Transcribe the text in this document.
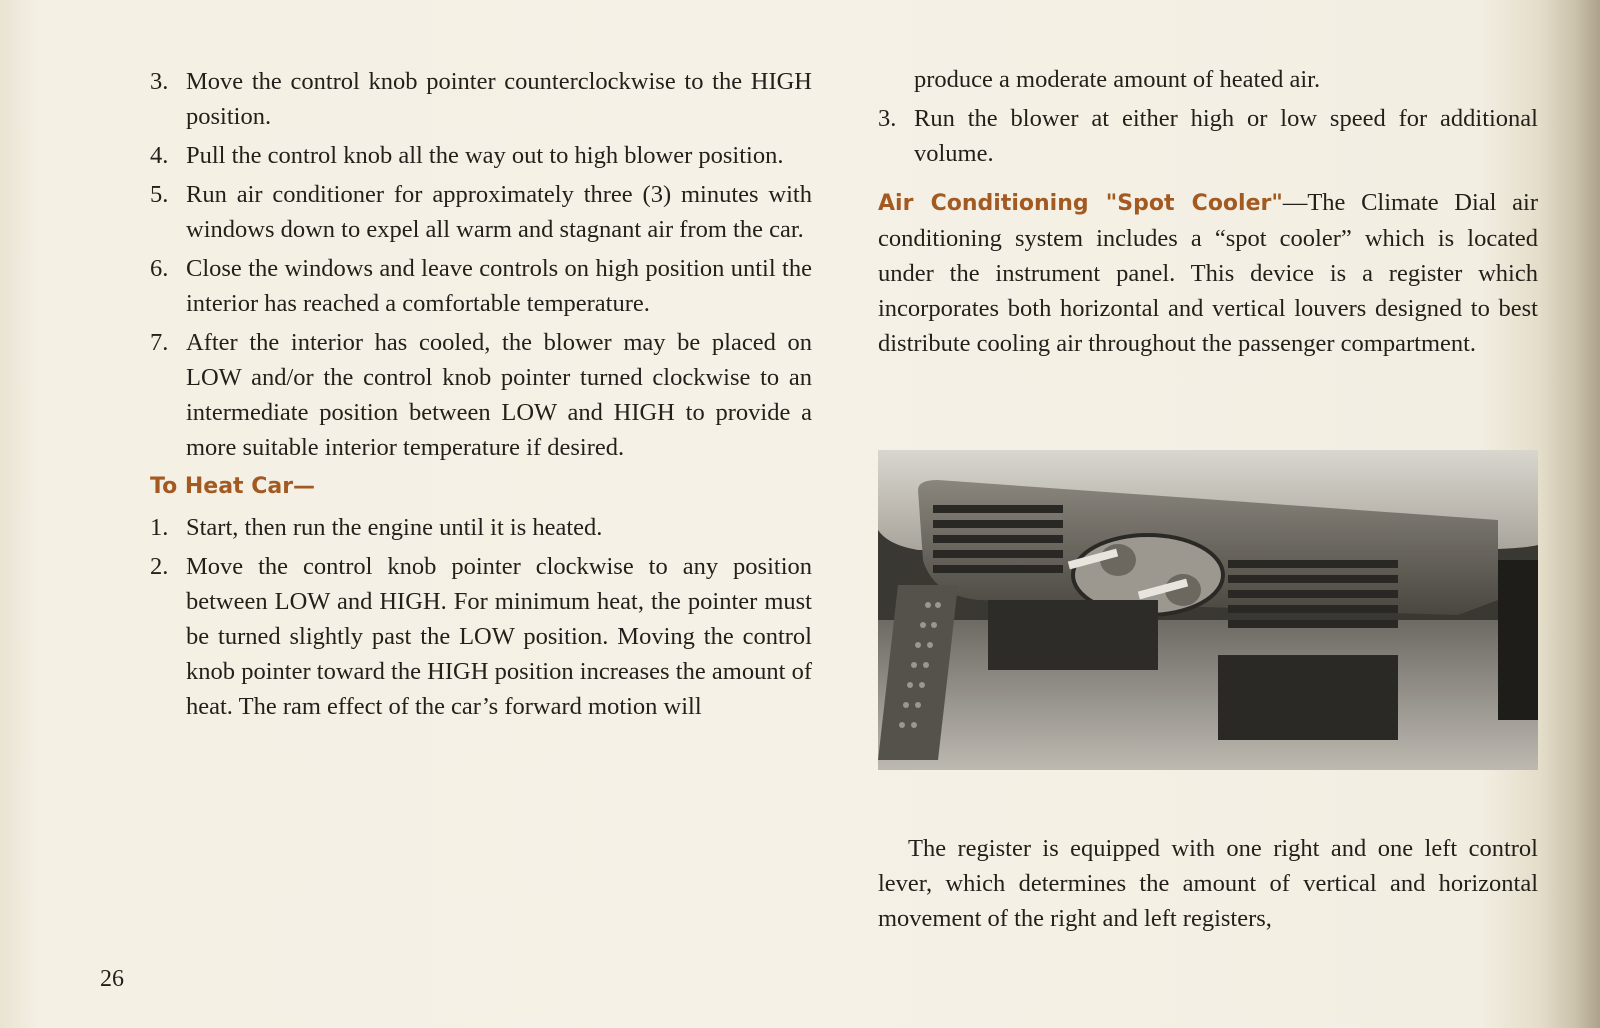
3. Move the control knob pointer counterclockwise to the HIGH position.
4. Pull the control knob all the way out to high blower position.
5. Run air conditioner for approximately three (3) minutes with windows down to expel all warm and stagnant air from the car.
6. Close the windows and leave controls on high position until the interior has reached a comfortable temperature.
7. After the interior has cooled, the blower may be placed on LOW and/or the control knob pointer turned clockwise to an intermediate position between LOW and HIGH to provide a more suitable interior temperature if desired.
To Heat Car—
1. Start, then run the engine until it is heated.
2. Move the control knob pointer clockwise to any position between LOW and HIGH. For minimum heat, the pointer must be turned slightly past the LOW position. Moving the control knob pointer toward the HIGH position increases the amount of heat. The ram effect of the car’s forward motion will
produce a moderate amount of heated air.
3. Run the blower at either high or low speed for additional volume.

Air Conditioning "Spot Cooler"—The Climate Dial air conditioning system includes a “spot cooler” which is located under the instrument panel. This device is a register which incorporates both horizontal and vertical louvers designed to best distribute cooling air throughout the passenger compartment.

The register is equipped with one right and one left control lever, which determines the amount of vertical and horizontal movement of the right and left registers,

26
